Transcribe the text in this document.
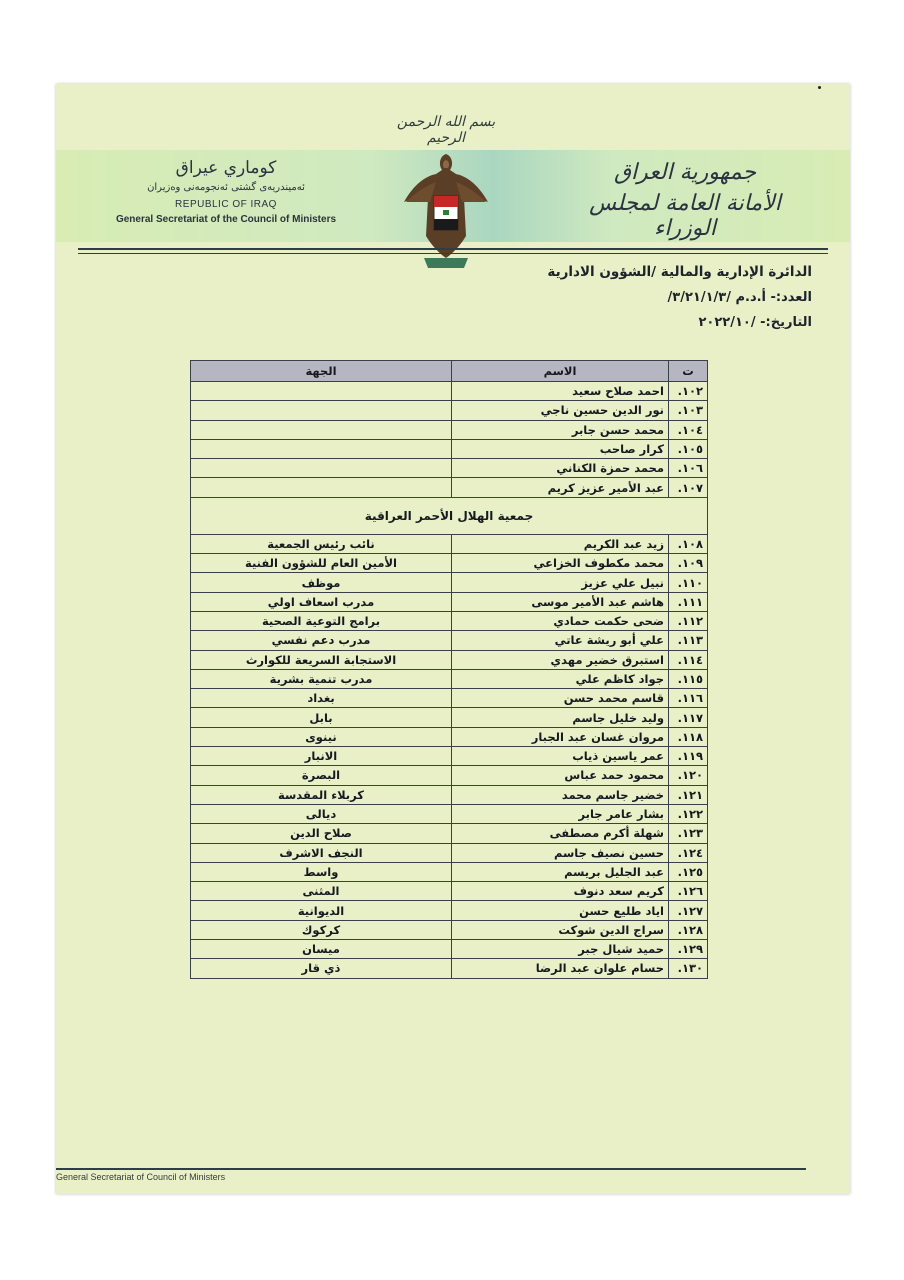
بسم الله الرحمن الرحيم
كوماري عيراق
ئەمیندریەی گشتی ئەنجومەنی وەزیران
REPUBLIC OF IRAQ
General Secretariat of the Council of Ministers
جمهورية العراق
الأمانة العامة لمجلس الوزراء
الدائرة الإدارية والمالية /الشؤون الادارية
العدد:- أ.د.م /٣/٢١/١/٣/
التاريخ:- /٢٠٢٢/١٠
ت	الاسم	الجهة
١٠٢.	احمد صلاح سعيد	
١٠٣.	نور الدين حسين ناجي	
١٠٤.	محمد حسن جابر	
١٠٥.	كرار صاحب	
١٠٦.	محمد حمزة الكناني	
١٠٧.	عبد الأمير عزيز كريم	
جمعية الهلال الأحمر العراقية		
١٠٨.	زيد عبد الكريم	نائب رئيس الجمعية
١٠٩.	محمد مكطوف الخزاعي	الأمين العام للشؤون الفنية
١١٠.	نبيل علي عزيز	موظف
١١١.	هاشم عبد الأمير موسى	مدرب اسعاف اولي
١١٢.	ضحى حكمت حمادي	برامج التوعية الصحية
١١٣.	علي أبو ريشة عاتي	مدرب دعم نفسي
١١٤.	استبرق خضير مهدي	الاستجابة السريعة للكوارث
١١٥.	جواد كاظم علي	مدرب تنمية بشرية
١١٦.	قاسم محمد حسن	بغداد
١١٧.	وليد خليل جاسم	بابل
١١٨.	مروان غسان عبد الجبار	نينوى
١١٩.	عمر ياسين ذياب	الانبار
١٢٠.	محمود حمد عباس	البصرة
١٢١.	خضير جاسم محمد	كربلاء المقدسة
١٢٢.	بشار عامر جابر	ديالى
١٢٣.	شهلة أكرم مصطفى	صلاح الدين
١٢٤.	حسين نصيف جاسم	النجف الاشرف
١٢٥.	عبد الجليل بريسم	واسط
١٢٦.	كريم سعد دنوف	المثنى
١٢٧.	اياد طليع حسن	الديوانية
١٢٨.	سراج الدين شوكت	كركوك
١٢٩.	حميد شيال جبر	ميسان
١٣٠.	حسام علوان عبد الرضا	ذي قار
General Secretariat of Council of Ministers
